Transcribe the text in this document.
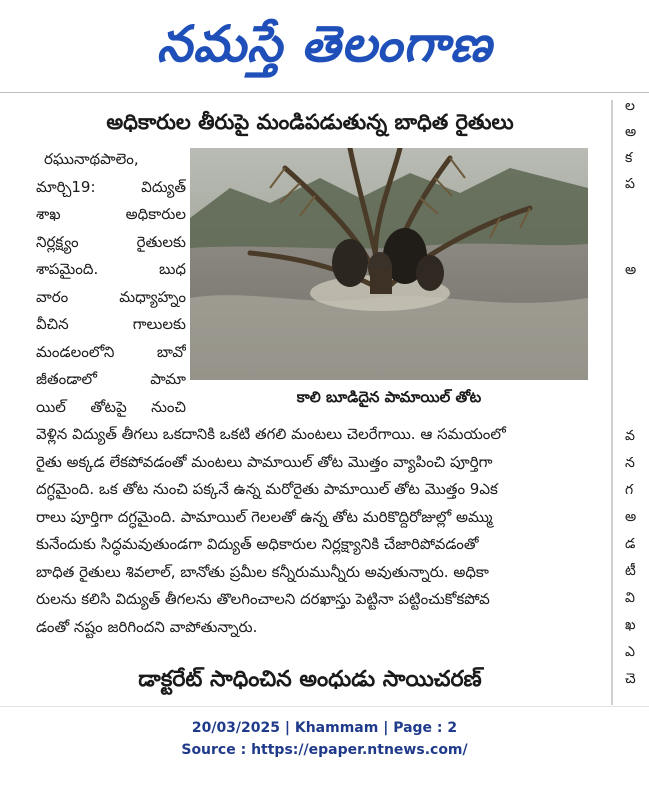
నమస్తే తెలంగాణ
అధికారుల తీరుపై మండిపడుతున్న బాధిత రైతులు
కాలి బూడిదైన పామాయిల్ తోట

రఘునాథపాలెం,

మార్చి19: విద్యుత్

శాఖ అధికారుల

నిర్లక్ష్యం రైతులకు

శాపమైంది. బుధ

వారం మధ్యాహ్నం

వీచిన గాలులకు

మండలంలోని బావో

జీతండాలో పామా

యిల్ తోటపై నుంచి

వెళ్లిన విద్యుత్ తీగలు ఒకదానికి ఒకటి తగలి మంటలు చెలరేగాయి. ఆ సమయంలో

రైతు అక్కడ లేకపోవడంతో మంటలు పామాయిల్ తోట మొత్తం వ్యాపించి పూర్తిగా

దగ్ధమైంది. ఒక తోట నుంచి పక్కనే ఉన్న మరోరైతు పామాయిల్ తోట మొత్తం 9ఎక

రాలు పూర్తిగా దగ్ధమైంది. పామాయిల్ గెలలతో ఉన్న తోట మరికొద్దిరోజుల్లో అమ్ము

కునేందుకు సిద్ధమవుతుండగా విద్యుత్ అధికారుల నిర్లక్ష్యానికి చేజారిపోవడంతో

బాధిత రైతులు శివలాల్, బానోతు ప్రమీల కన్నీరుమున్నీరు అవుతున్నారు. అధికా

రులను కలిసి విద్యుత్ తీగలను తొలగించాలని దరఖాస్తు పెట్టినా పట్టించుకోకపోవ

డంతో నష్టం జరిగిందని వాపోతున్నారు.

డాక్టరేట్ సాధించిన అంధుడు సాయిచరణ్
ల
అ
క
ప
అ
వ
న
గ
అ
డ
టీ
వి
ఖ
ఎ
చె
20/03/2025 | Khammam | Page : 2
Source : https://epaper.ntnews.com/
